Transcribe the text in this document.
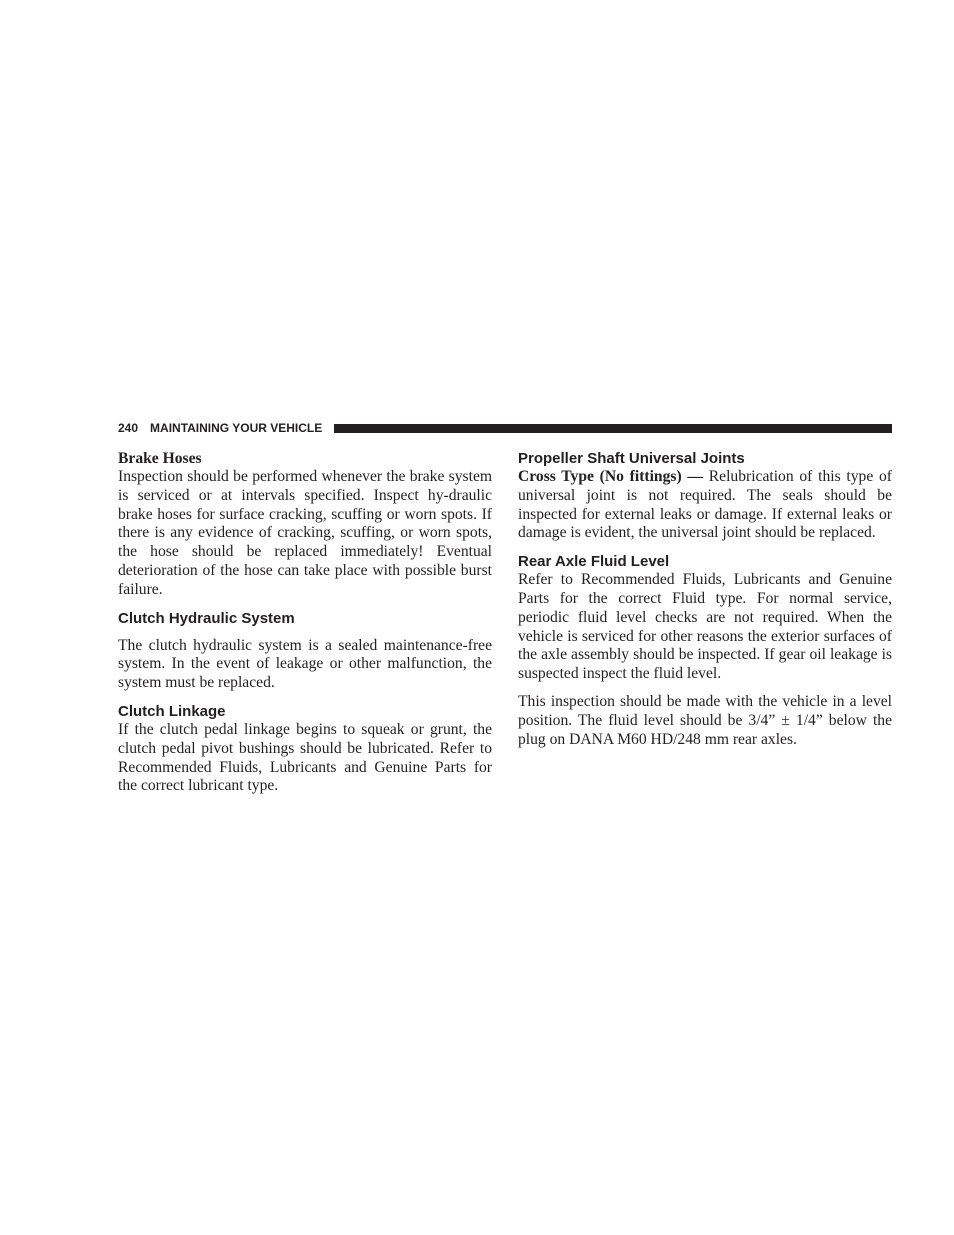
240 MAINTAINING YOUR VEHICLE
Brake Hoses

Inspection should be performed whenever the brake system is serviced or at intervals specified. Inspect hy-draulic brake hoses for surface cracking, scuffing or worn spots. If there is any evidence of cracking, scuffing, or worn spots, the hose should be replaced immediately! Eventual deterioration of the hose can take place with possible burst failure.

Clutch Hydraulic System

The clutch hydraulic system is a sealed maintenance-free system. In the event of leakage or other malfunction, the system must be replaced.

Clutch Linkage

If the clutch pedal linkage begins to squeak or grunt, the clutch pedal pivot bushings should be lubricated. Refer to Recommended Fluids, Lubricants and Genuine Parts for the correct lubricant type.

Propeller Shaft Universal Joints

Cross Type (No fittings) — Relubrication of this type of universal joint is not required. The seals should be inspected for external leaks or damage. If external leaks or damage is evident, the universal joint should be replaced.

Rear Axle Fluid Level

Refer to Recommended Fluids, Lubricants and Genuine Parts for the correct Fluid type. For normal service, periodic fluid level checks are not required. When the vehicle is serviced for other reasons the exterior surfaces of the axle assembly should be inspected. If gear oil leakage is suspected inspect the fluid level.

This inspection should be made with the vehicle in a level position. The fluid level should be 3/4” ± 1/4” below the plug on DANA M60 HD/248 mm rear axles.
